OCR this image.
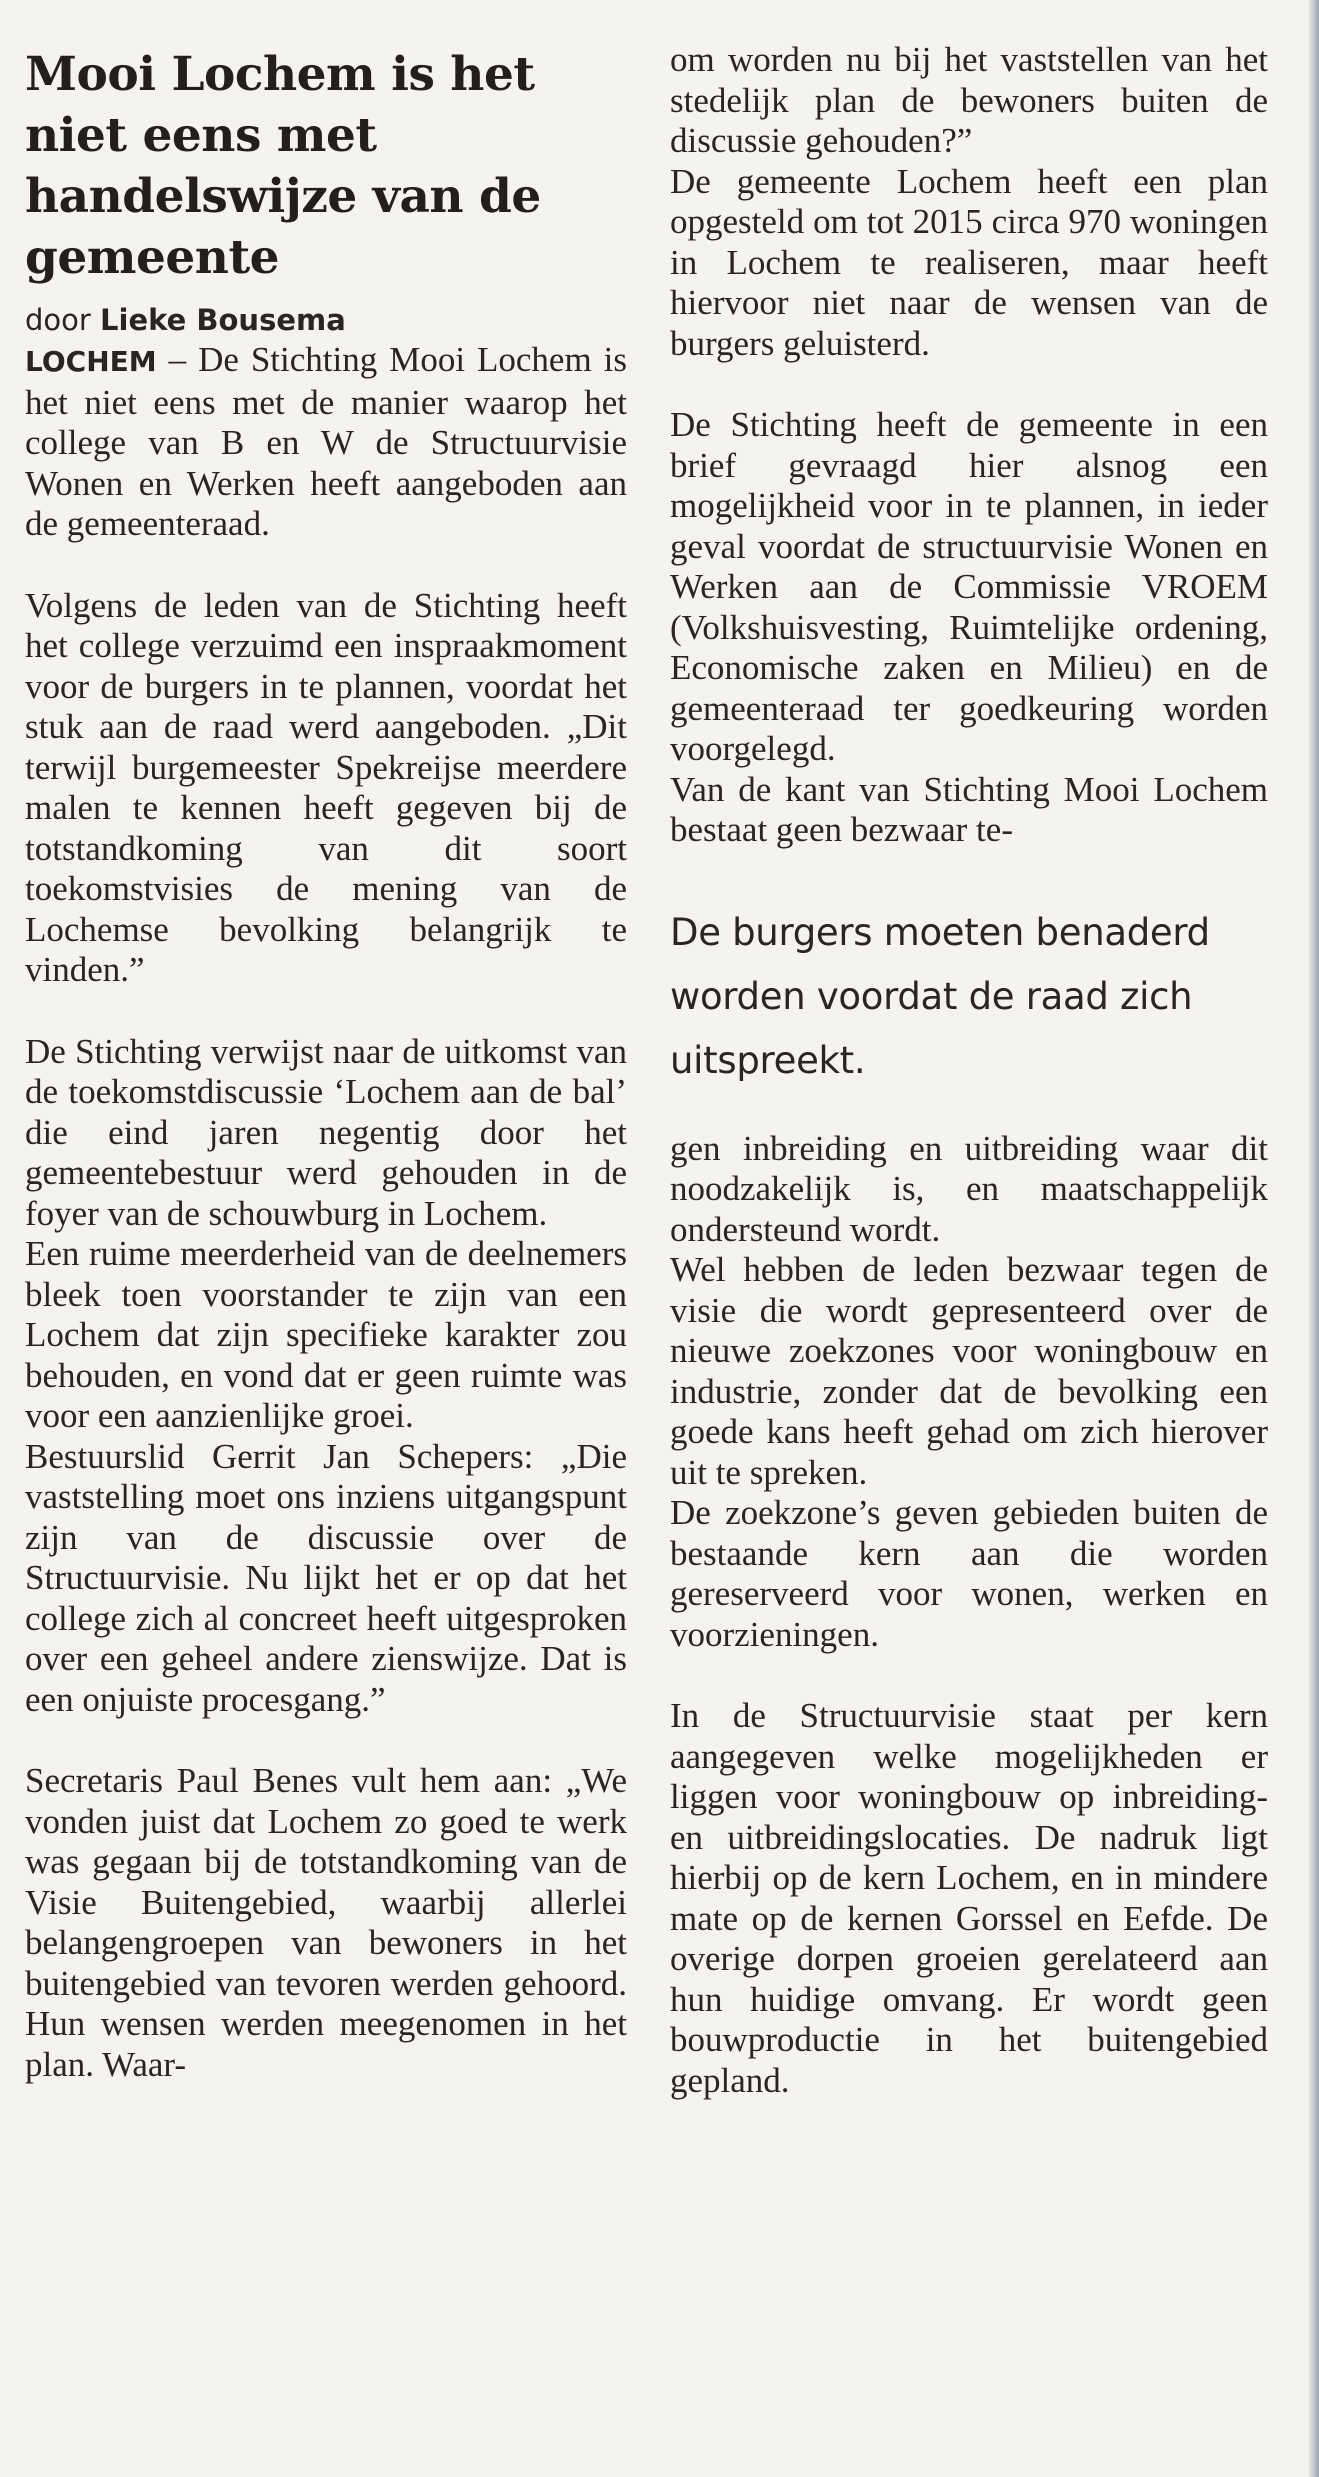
Mooi Lochem is het niet eens met handelswijze van de gemeente
door Lieke Bousema

LOCHEM – De Stichting Mooi Lochem is het niet eens met de manier waarop het college van B en W de Structuurvisie Wonen en Werken heeft aangeboden aan de gemeenteraad.

Volgens de leden van de Stichting heeft het college verzuimd een inspraakmoment voor de burgers in te plannen, voordat het stuk aan de raad werd aangeboden. „Dit terwijl burgemeester Spekreijse meerdere malen te kennen heeft gegeven bij de totstandkoming van dit soort toekomstvisies de mening van de Lochemse bevolking belangrijk te vinden.”

De Stichting verwijst naar de uitkomst van de toekomstdiscussie ‘Lochem aan de bal’ die eind jaren negentig door het gemeentebestuur werd gehouden in de foyer van de schouwburg in Lochem.

Een ruime meerderheid van de deelnemers bleek toen voorstander te zijn van een Lochem dat zijn specifieke karakter zou behouden, en vond dat er geen ruimte was voor een aanzienlijke groei.

Bestuurslid Gerrit Jan Schepers: „Die vaststelling moet ons inziens uitgangspunt zijn van de discussie over de Structuurvisie. Nu lijkt het er op dat het college zich al concreet heeft uitgesproken over een geheel andere zienswijze. Dat is een onjuiste procesgang.”

Secretaris Paul Benes vult hem aan: „We vonden juist dat Lochem zo goed te werk was gegaan bij de totstandkoming van de Visie Buitengebied, waarbij allerlei belangengroepen van bewoners in het buitengebied van tevoren werden gehoord. Hun wensen werden meegenomen in het plan. Waar-

om worden nu bij het vaststellen van het stedelijk plan de bewoners buiten de discussie gehouden?”

De gemeente Lochem heeft een plan opgesteld om tot 2015 circa 970 woningen in Lochem te realiseren, maar heeft hiervoor niet naar de wensen van de burgers geluisterd.

De Stichting heeft de gemeente in een brief gevraagd hier alsnog een mogelijkheid voor in te plannen, in ieder geval voordat de structuurvisie Wonen en Werken aan de Commissie VROEM (Volkshuisvesting, Ruimtelijke ordening, Economische zaken en Milieu) en de gemeenteraad ter goedkeuring worden voorgelegd.

Van de kant van Stichting Mooi Lochem bestaat geen bezwaar te-

De burgers moeten benaderd worden voordat de raad zich uitspreekt.

gen inbreiding en uitbreiding waar dit noodzakelijk is, en maatschappelijk ondersteund wordt.

Wel hebben de leden bezwaar tegen de visie die wordt gepresenteerd over de nieuwe zoekzones voor woningbouw en industrie, zonder dat de bevolking een goede kans heeft gehad om zich hierover uit te spreken.

De zoekzone’s geven gebieden buiten de bestaande kern aan die worden gereserveerd voor wonen, werken en voorzieningen.

In de Structuurvisie staat per kern aangegeven welke mogelijkheden er liggen voor woningbouw op inbreiding- en uitbreidingslocaties. De nadruk ligt hierbij op de kern Lochem, en in mindere mate op de kernen Gorssel en Eefde. De overige dorpen groeien gerelateerd aan hun huidige omvang. Er wordt geen bouwproductie in het buitengebied gepland.
